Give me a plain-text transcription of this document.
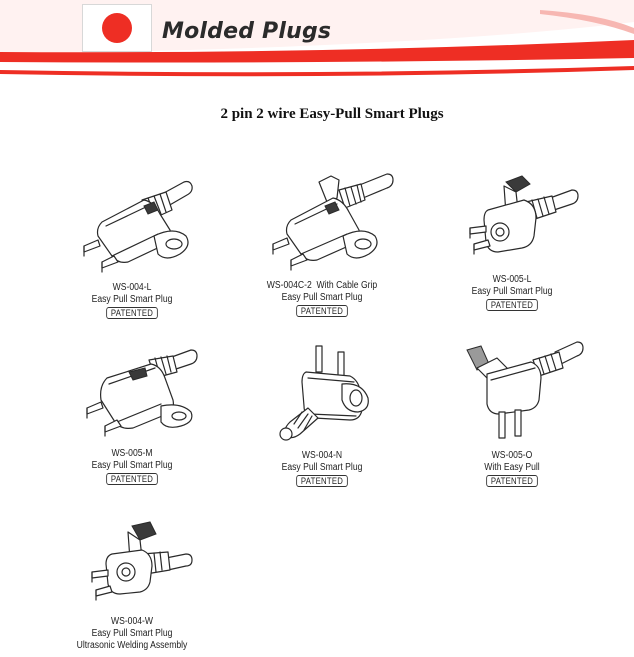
Molded Plugs
2 pin 2 wire Easy-Pull Smart Plugs
WS-004-L
Easy Pull Smart Plug
PATENTED
WS-004C-2  With Cable Grip
Easy Pull Smart Plug
PATENTED
WS-005-L
Easy Pull Smart Plug
PATENTED
WS-005-M
Easy Pull Smart Plug
PATENTED
WS-004-N
Easy Pull Smart Plug
PATENTED
WS-005-O
With Easy Pull
PATENTED
WS-004-W
Easy Pull Smart Plug
Ultrasonic Welding Assembly
